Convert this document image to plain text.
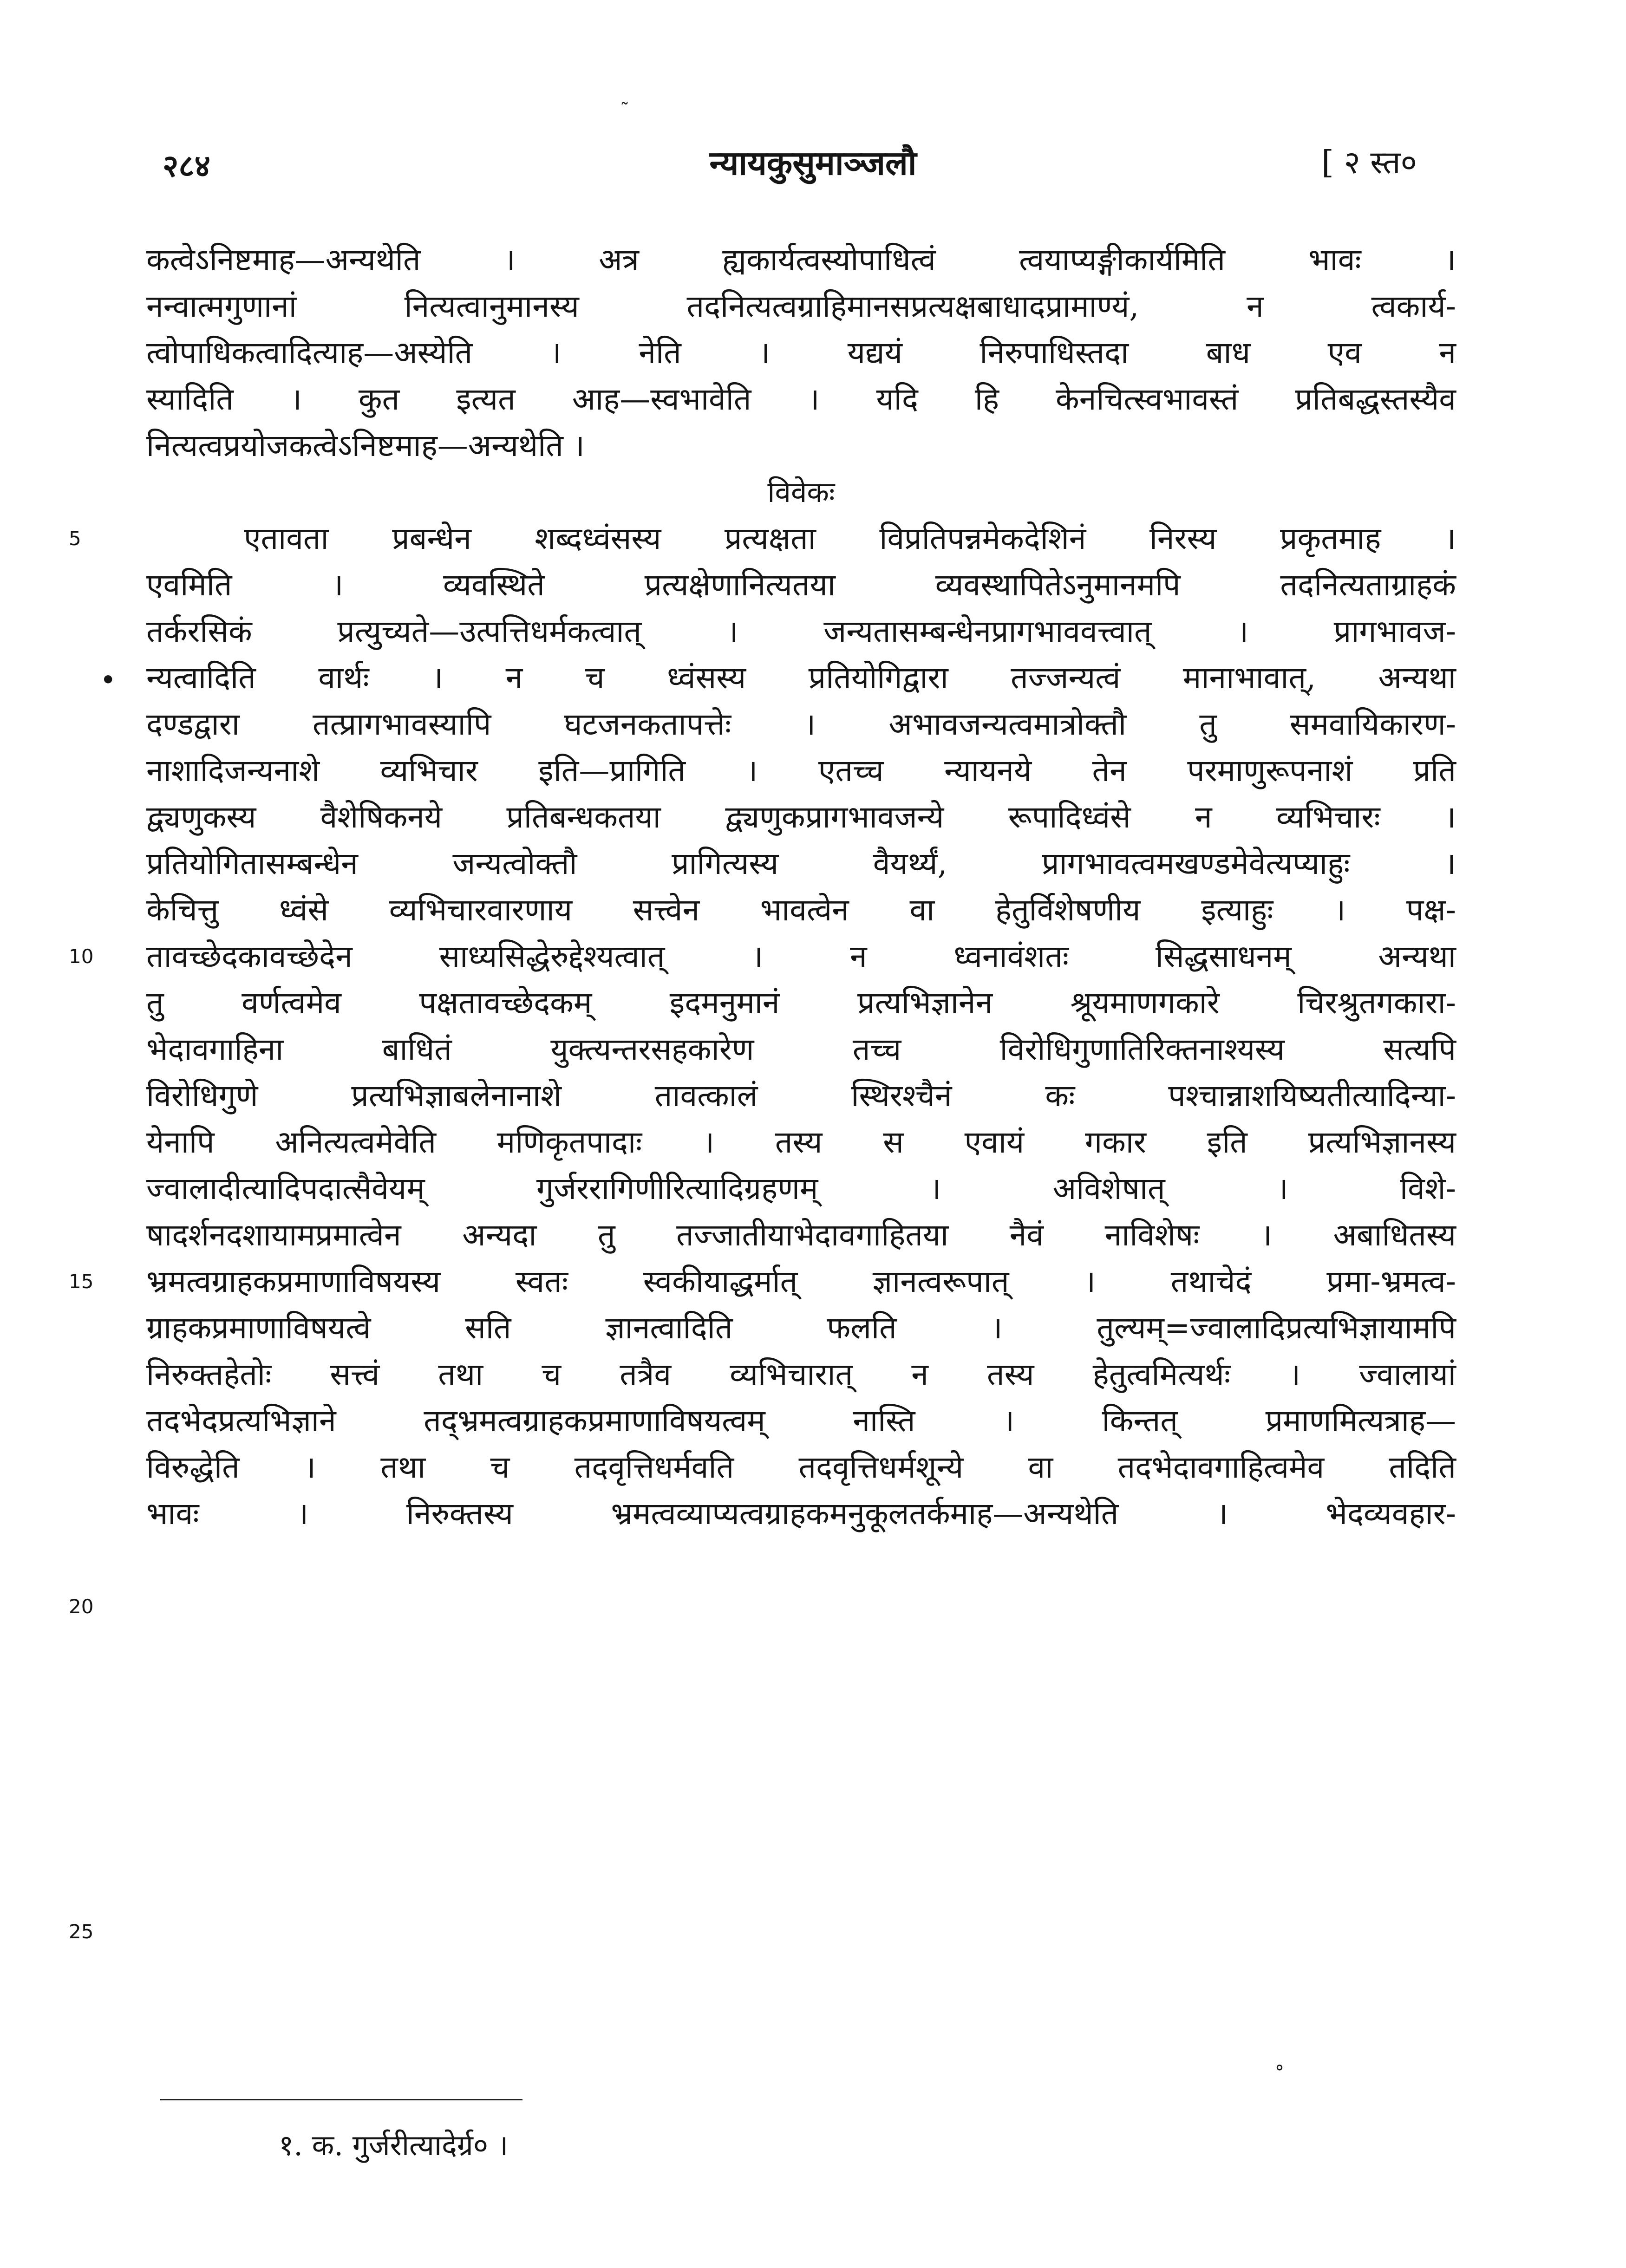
२८४	न्यायकुसुमाञ्जलौ	[ २ स्त०
˜
•
°
5
10
15
20
25
कत्वेऽनिष्टमाह—अन्यथेति । अत्र ह्यकार्यत्वस्योपाधित्वं त्वयाप्यङ्गीकार्यमिति भावः ।
नन्वात्मगुणानां नित्यत्वानुमानस्य तदनित्यत्वग्राहिमानसप्रत्यक्षबाधादप्रामाण्यं, न त्वकार्य-
त्वोपाधिकत्वादित्याह—अस्येति । नेति । यद्ययं निरुपाधिस्तदा बाध एव न
स्यादिति । कुत इत्यत आह—स्वभावेति । यदि हि केनचित्स्वभावस्तं प्रतिबद्धस्तस्यैव
नित्यत्वप्रयोजकत्वेऽनिष्टमाह—अन्यथेति ।
विवेकः
एतावता प्रबन्धेन शब्दध्वंसस्य प्रत्यक्षता विप्रतिपन्नमेकदेशिनं निरस्य प्रकृतमाह ।
एवमिति । व्यवस्थिते प्रत्यक्षेणानित्यतया व्यवस्थापितेऽनुमानमपि तदनित्यताग्राहकं
तर्करसिकं प्रत्युच्यते—उत्पत्तिधर्मकत्वात् । जन्यतासम्बन्धेनप्रागभाववत्त्वात् । प्रागभावज-
न्यत्वादिति वार्थः । न च ध्वंसस्य प्रतियोगिद्वारा तज्जन्यत्वं मानाभावात्, अन्यथा
दण्डद्वारा तत्प्रागभावस्यापि घटजनकतापत्तेः । अभावजन्यत्वमात्रोक्तौ तु समवायिकारण-
नाशादिजन्यनाशे व्यभिचार इति—प्रागिति । एतच्च न्यायनये तेन परमाणुरूपनाशं प्रति
द्व्यणुकस्य वैशेषिकनये प्रतिबन्धकतया द्व्यणुकप्रागभावजन्ये रूपादिध्वंसे न व्यभिचारः ।
प्रतियोगितासम्बन्धेन जन्यत्वोक्तौ प्रागित्यस्य वैयर्थ्यं, प्रागभावत्वमखण्डमेवेत्यप्याहुः ।
केचित्तु ध्वंसे व्यभिचारवारणाय सत्त्वेन भावत्वेन वा हेतुर्विशेषणीय इत्याहुः । पक्ष-
तावच्छेदकावच्छेदेन साध्यसिद्धेरुद्देश्यत्वात् । न ध्वनावंशतः सिद्धसाधनम् अन्यथा
तु वर्णत्वमेव पक्षतावच्छेदकम् इदमनुमानं प्रत्यभिज्ञानेन श्रूयमाणगकारे चिरश्रुतगकारा-
भेदावगाहिना बाधितं युक्त्यन्तरसहकारेण तच्च विरोधिगुणातिरिक्तनाश्यस्य सत्यपि
विरोधिगुणे प्रत्यभिज्ञाबलेनानाशे तावत्कालं स्थिरश्चैनं कः पश्चान्नाशयिष्यतीत्यादिन्या-
येनापि अनित्यत्वमेवेति मणिकृतपादाः । तस्य स एवायं गकार इति प्रत्यभिज्ञानस्य
ज्वालादीत्यादिपदात्सैवेयम् गुर्जररागिणीरित्यादिग्रहणम् । अविशेषात् । विशे-
षादर्शनदशायामप्रमात्वेन अन्यदा तु तज्जातीयाभेदावगाहितया नैवं नाविशेषः । अबाधितस्य
भ्रमत्वग्राहकप्रमाणाविषयस्य स्वतः स्वकीयाद्धर्मात् ज्ञानत्वरूपात् । तथाचेदं प्रमा-भ्रमत्व-
ग्राहकप्रमाणाविषयत्वे सति ज्ञानत्वादिति फलति । तुल्यम्=ज्वालादिप्रत्यभिज्ञायामपि
निरुक्तहेतोः सत्त्वं तथा च तत्रैव व्यभिचारात् न तस्य हेतुत्वमित्यर्थः । ज्वालायां
तदभेदप्रत्यभिज्ञाने तद्भ्रमत्वग्राहकप्रमाणाविषयत्वम् नास्ति । किन्तत् प्रमाणमित्यत्राह—
विरुद्धेति । तथा च तदवृत्तिधर्मवति तदवृत्तिधर्मशून्ये वा तदभेदावगाहित्वमेव तदिति
भावः । निरुक्तस्य भ्रमत्वव्याप्यत्वग्राहकमनुकूलतर्कमाह—अन्यथेति । भेदव्यवहार-
१. क. गुर्जरीत्यादेर्ग्र० ।
